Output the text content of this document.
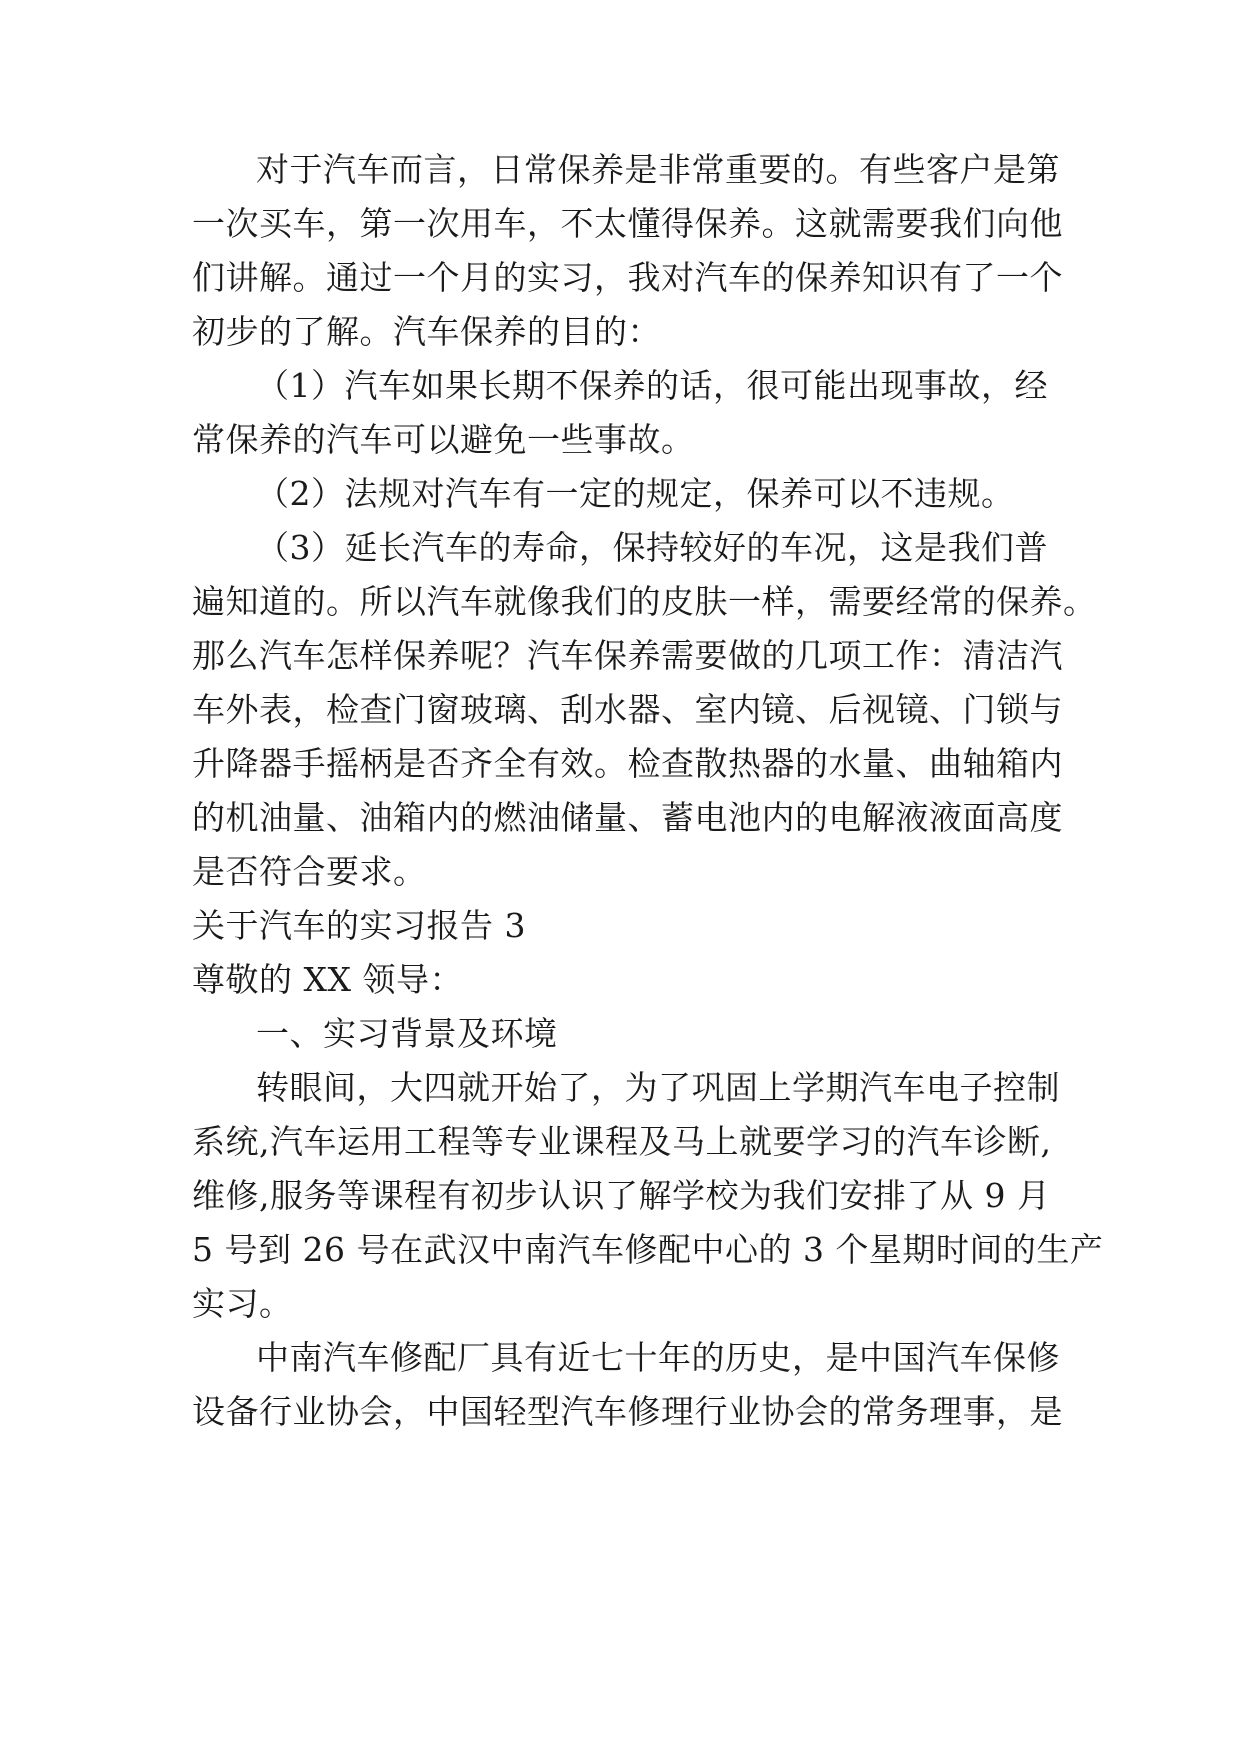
对于汽车而言，日常保养是非常重要的。有些客户是第
一次买车，第一次用车，不太懂得保养。这就需要我们向他
们讲解。通过一个月的实习，我对汽车的保养知识有了一个
初步的了解。汽车保养的目的：
（1）汽车如果长期不保养的话，很可能出现事故，经
常保养的汽车可以避免一些事故。
（2）法规对汽车有一定的规定，保养可以不违规。
（3）延长汽车的寿命，保持较好的车况，这是我们普
遍知道的。所以汽车就像我们的皮肤一样，需要经常的保养。
那么汽车怎样保养呢？汽车保养需要做的几项工作：清洁汽
车外表，检查门窗玻璃、刮水器、室内镜、后视镜、门锁与
升降器手摇柄是否齐全有效。检查散热器的水量、曲轴箱内
的机油量、油箱内的燃油储量、蓄电池内的电解液液面高度
是否符合要求。
关于汽车的实习报告 3
尊敬的 XX 领导：
一、实习背景及环境
转眼间，大四就开始了，为了巩固上学期汽车电子控制
系统,汽车运用工程等专业课程及马上就要学习的汽车诊断,
维修,服务等课程有初步认识了解学校为我们安排了从 9 月
5 号到 26 号在武汉中南汽车修配中心的 3 个星期时间的生产
实习。
中南汽车修配厂具有近七十年的历史，是中国汽车保修
设备行业协会，中国轻型汽车修理行业协会的常务理事，是
